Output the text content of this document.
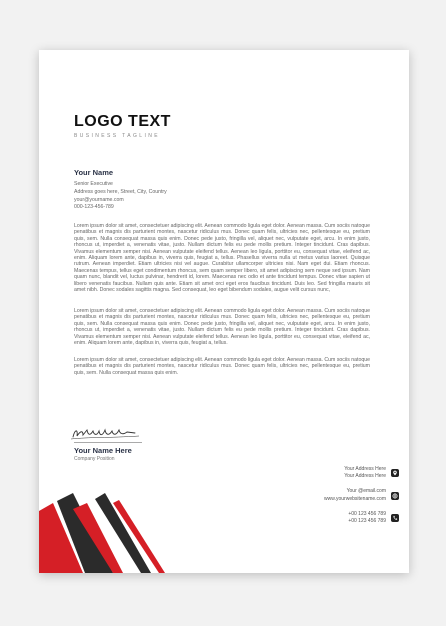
LOGO TEXT
BUSINESS TAGLINE
Your Name
Senior Executive
Address goes here, Street, City, Country
your@yourname.com
000-123-456-789
Lorem ipsum dolor sit amet, consectetuer adipiscing elit. Aenean commodo ligula eget dolor. Aenean massa. Cum sociis natoque penatibus et magnis dis parturient montes, nascetur ridiculus mus. Donec quam felis, ultricies nec, pellentesque eu, pretium quis, sem. Nulla consequat massa quis enim. Donec pede justo, fringilla vel, aliquet nec, vulputate eget, arcu. In enim justo, rhoncus ut, imperdiet a, venenatis vitae, justo. Nullam dictum felis eu pede mollis pretium. Integer tincidunt. Cras dapibus. Vivamus elementum semper nisi. Aenean vulputate eleifend tellus. Aenean leo ligula, porttitor eu, consequat vitae, eleifend ac, enim. Aliquam lorem ante, dapibus in, viverra quis, feugiat a, tellus. Phasellus viverra nulla ut metus varius laoreet. Quisque rutrum. Aenean imperdiet. Etiam ultricies nisi vel augue. Curabitur ullamcorper ultricies nisi. Nam eget dui. Etiam rhoncus. Maecenas tempus, tellus eget condimentum rhoncus, sem quam semper libero, sit amet adipiscing sem neque sed ipsum. Nam quam nunc, blandit vel, luctus pulvinar, hendrerit id, lorem. Maecenas nec odio et ante tincidunt tempus. Donec vitae sapien ut libero venenatis faucibus. Nullam quis ante. Etiam sit amet orci eget eros faucibus tincidunt. Duis leo. Sed fringilla mauris sit amet nibh. Donec sodales sagittis magna. Sed consequat, leo eget bibendum sodales, augue velit cursus nunc,
Lorem ipsum dolor sit amet, consectetuer adipiscing elit. Aenean commodo ligula eget dolor. Aenean massa. Cum sociis natoque penatibus et magnis dis parturient montes, nascetur ridiculus mus. Donec quam felis, ultricies nec, pellentesque eu, pretium quis, sem. Nulla consequat massa quis enim. Donec pede justo, fringilla vel, aliquet nec, vulputate eget, arcu. In enim justo, rhoncus ut, imperdiet a, venenatis vitae, justo. Nullam dictum felis eu pede mollis pretium. Integer tincidunt. Cras dapibus. Vivamus elementum semper nisi. Aenean vulputate eleifend tellus. Aenean leo ligula, porttitor eu, consequat vitae, eleifend ac, enim. Aliquam lorem ante, dapibus in, viverra quis, feugiat a, tellus.
Lorem ipsum dolor sit amet, consectetuer adipiscing elit. Aenean commodo ligula eget dolor. Aenean massa. Cum sociis natoque penatibus et magnis dis parturient montes, nascetur ridiculus mus. Donec quam felis, ultricies nec, pellentesque eu, pretium quis, sem. Nulla consequat massa quis enim.
Your Name Here
Company Position
Your Address Here
Your Address Here
Your @email.com
www.yourwebsitename.com
+00 123 456 789
+00 123 456 789
